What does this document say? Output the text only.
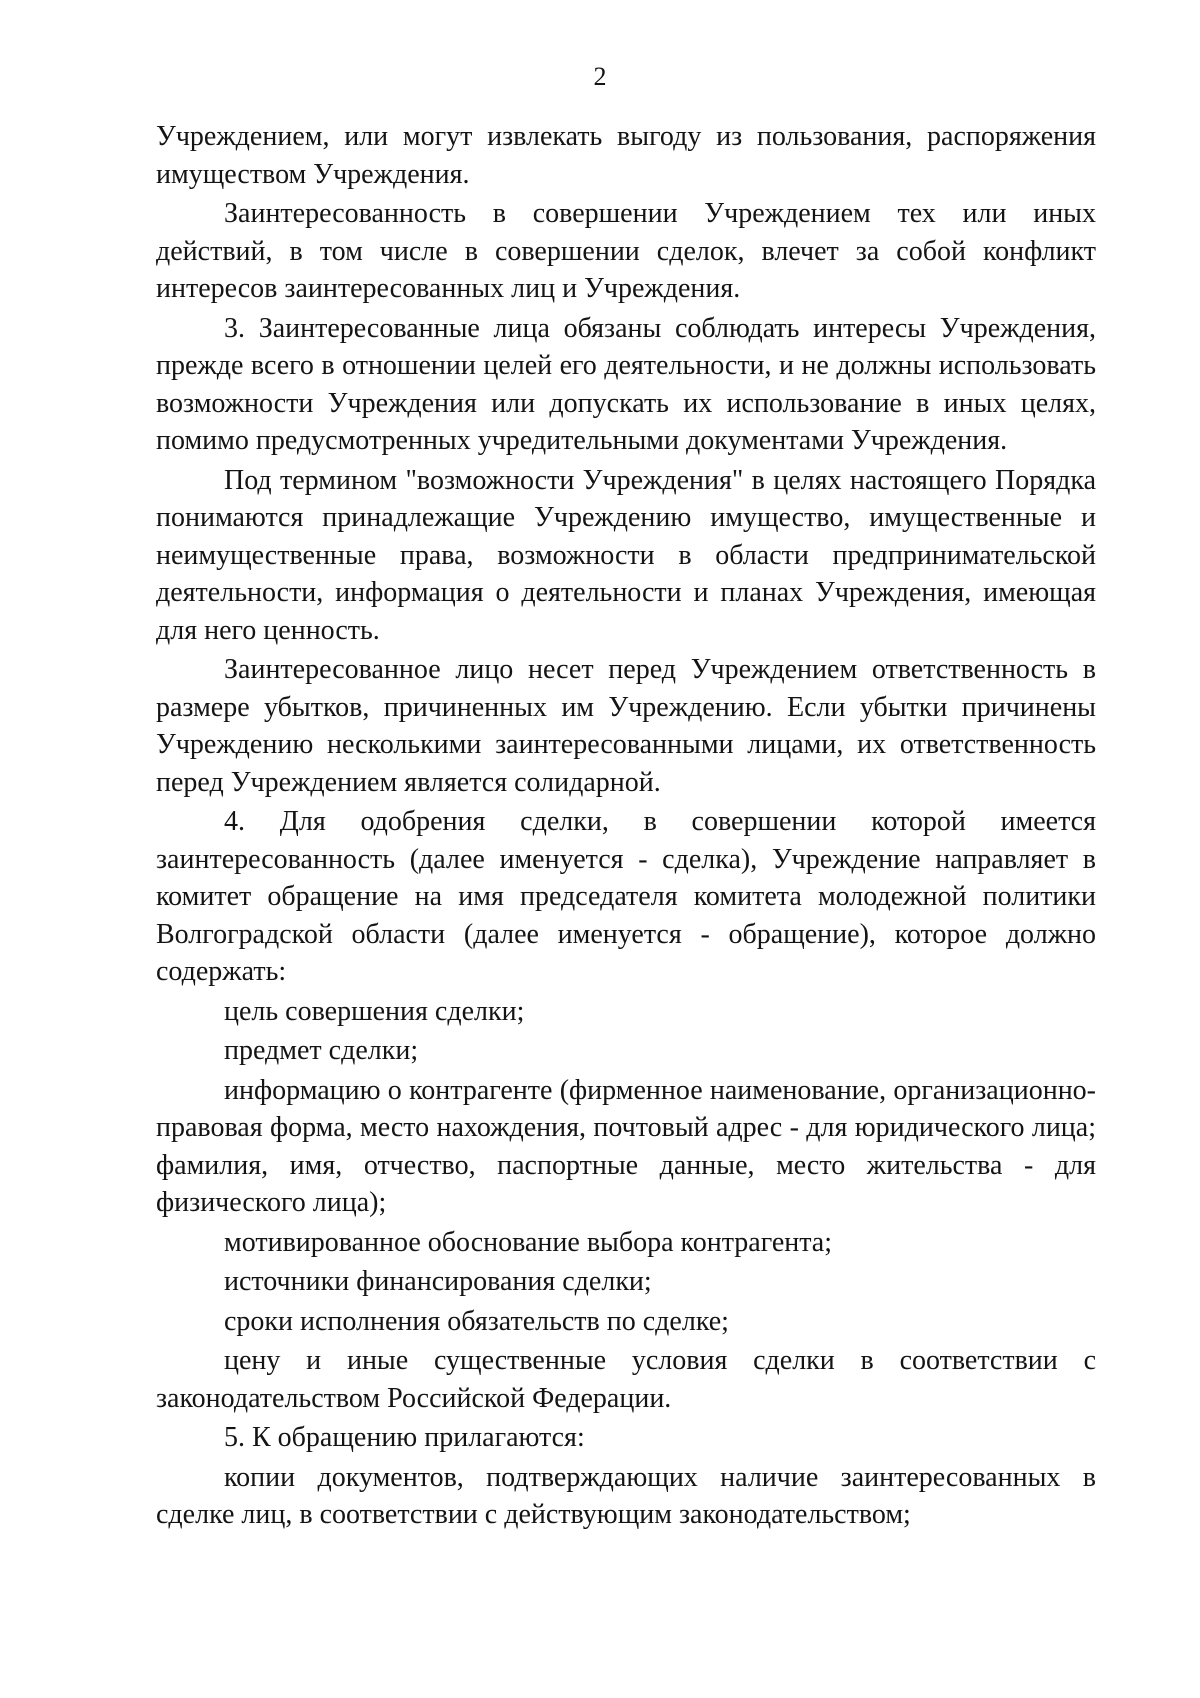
2

Учреждением, или могут извлекать выгоду из пользования, распоряжения имуществом Учреждения.

Заинтересованность в совершении Учреждением тех или иных действий, в том числе в совершении сделок, влечет за собой конфликт интересов заинтересованных лиц и Учреждения.

3. Заинтересованные лица обязаны соблюдать интересы Учреждения, прежде всего в отношении целей его деятельности, и не должны использовать возможности Учреждения или допускать их использование в иных целях, помимо предусмотренных учредительными документами Учреждения.

Под термином "возможности Учреждения" в целях настоящего Порядка понимаются принадлежащие Учреждению имущество, имущественные и неимущественные права, возможности в области предпринимательской деятельности, информация о деятельности и планах Учреждения, имеющая для него ценность.

Заинтересованное лицо несет перед Учреждением ответственность в размере убытков, причиненных им Учреждению. Если убытки причинены Учреждению несколькими заинтересованными лицами, их ответственность перед Учреждением является солидарной.

4. Для одобрения сделки, в совершении которой имеется заинтересованность (далее именуется - сделка), Учреждение направляет в комитет обращение на имя председателя комитета молодежной политики Волгоградской области (далее именуется - обращение), которое должно содержать:

цель совершения сделки;

предмет сделки;

информацию о контрагенте (фирменное наименование, организационно-правовая форма, место нахождения, почтовый адрес - для юридического лица; фамилия, имя, отчество, паспортные данные, место жительства - для физического лица);

мотивированное обоснование выбора контрагента;

источники финансирования сделки;

сроки исполнения обязательств по сделке;

цену и иные существенные условия сделки в соответствии с законодательством Российской Федерации.

5. К обращению прилагаются:

копии документов, подтверждающих наличие заинтересованных в сделке лиц, в соответствии с действующим законодательством;
